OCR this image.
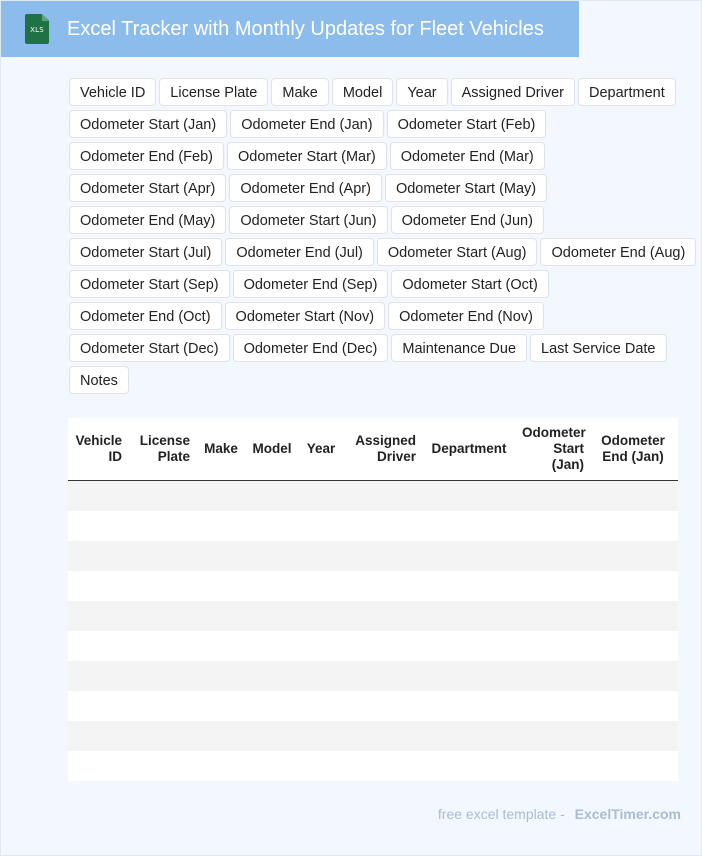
XLS Excel Tracker with Monthly Updates for Fleet Vehicles
Vehicle ID	License Plate	Make	Model	Year	Assigned Driver	Department
Odometer Start (Jan)	Odometer End (Jan)	Odometer Start (Feb)
Odometer End (Feb)	Odometer Start (Mar)	Odometer End (Mar)
Odometer Start (Apr)	Odometer End (Apr)	Odometer Start (May)
Odometer End (May)	Odometer Start (Jun)	Odometer End (Jun)
Odometer Start (Jul)	Odometer End (Jul)	Odometer Start (Aug)	Odometer End (Aug)
Odometer Start (Sep)	Odometer End (Sep)	Odometer Start (Oct)
Odometer End (Oct)	Odometer Start (Nov)	Odometer End (Nov)
Odometer Start (Dec)	Odometer End (Dec)	Maintenance Due	Last Service Date
Notes
Vehicle ID	License Plate	Make	Model	Year	Assigned Driver	Department	Odometer Start (Jan)	Odometer End (Jan)

free excel template - ExcelTimer.com
